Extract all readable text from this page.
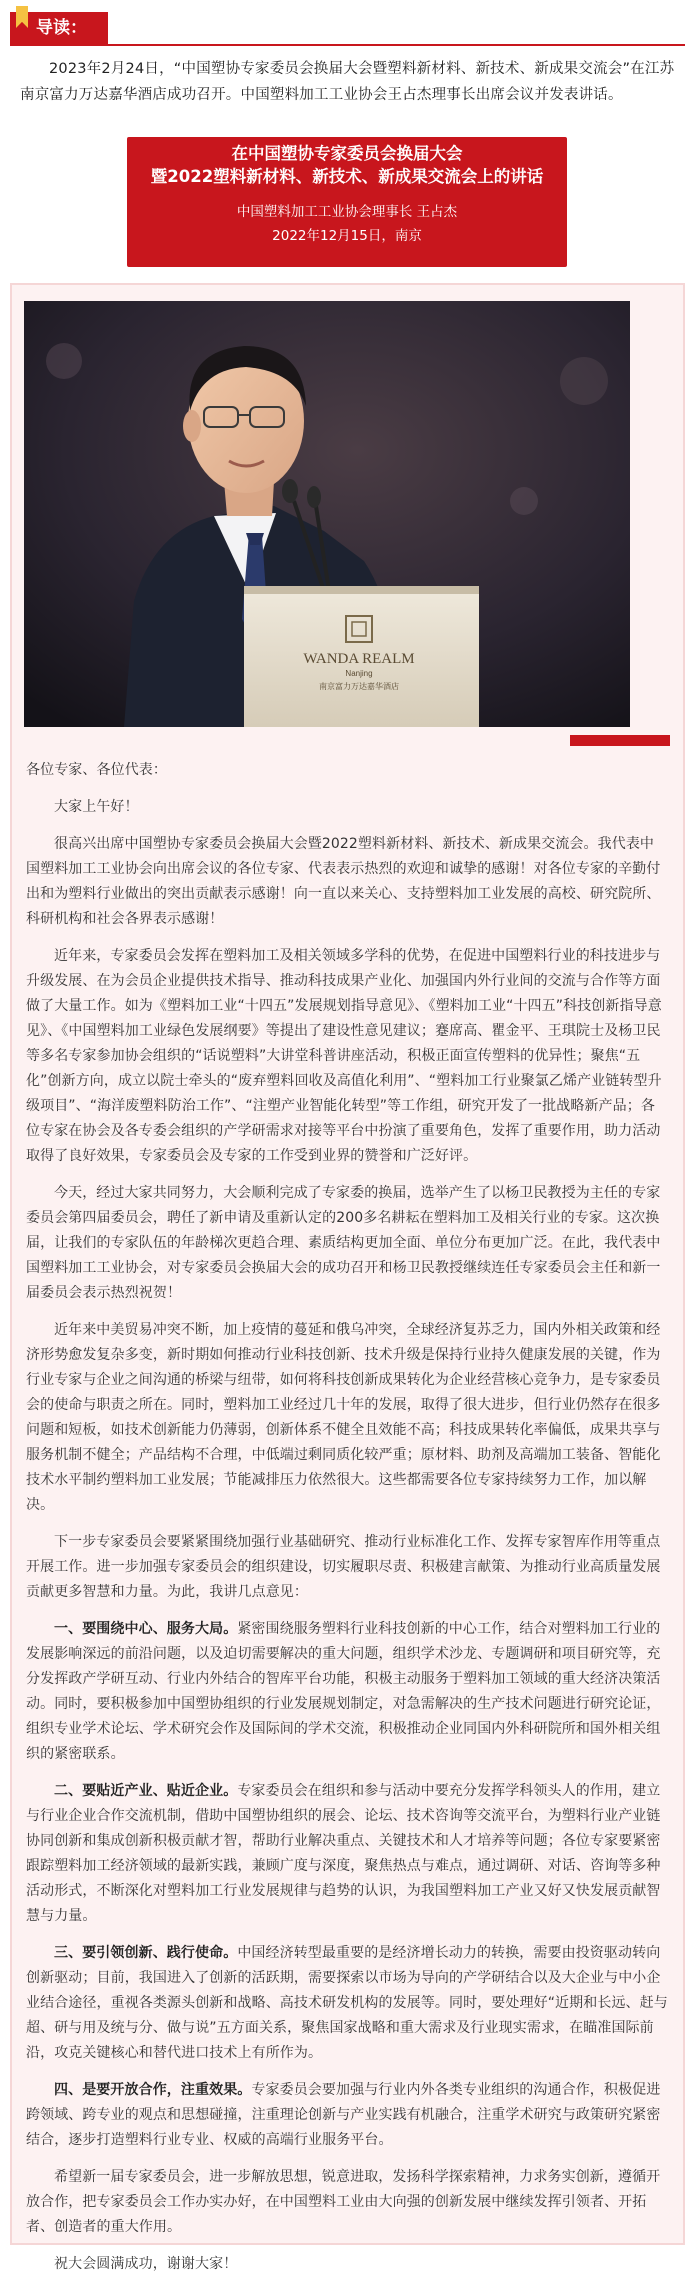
导读：

2023年2月24日，“中国塑协专家委员会换届大会暨塑料新材料、新技术、新成果交流会”在江苏南京富力万达嘉华酒店成功召开。中国塑料加工工业协会王占杰理事长出席会议并发表讲话。

在中国塑协专家委员会换届大会
暨2022塑料新材料、新技术、新成果交流会上的讲话
中国塑料加工工业协会理事长 王占杰
2022年12月15日，南京
WANDA REALM
Nanjing
南京富力万达嘉华酒店

各位专家、各位代表：

大家上午好！

很高兴出席中国塑协专家委员会换届大会暨2022塑料新材料、新技术、新成果交流会。我代表中国塑料加工工业协会向出席会议的各位专家、代表表示热烈的欢迎和诚挚的感谢！对各位专家的辛勤付出和为塑料行业做出的突出贡献表示感谢！向一直以来关心、支持塑料加工业发展的高校、研究院所、科研机构和社会各界表示感谢！

近年来，专家委员会发挥在塑料加工及相关领域多学科的优势，在促进中国塑料行业的科技进步与升级发展、在为会员企业提供技术指导、推动科技成果产业化、加强国内外行业间的交流与合作等方面做了大量工作。如为《塑料加工业“十四五”发展规划指导意见》、《塑料加工业“十四五”科技创新指导意见》、《中国塑料加工业绿色发展纲要》等提出了建设性意见建议；蹇席高、瞿金平、王琪院士及杨卫民等多名专家参加协会组织的“话说塑料”大讲堂科普讲座活动，积极正面宣传塑料的优异性；聚焦“五化”创新方向，成立以院士牵头的“废弃塑料回收及高值化利用”、“塑料加工行业聚氯乙烯产业链转型升级项目”、“海洋废塑料防治工作”、“注塑产业智能化转型”等工作组，研究开发了一批战略新产品；各位专家在协会及各专委会组织的产学研需求对接等平台中扮演了重要角色，发挥了重要作用，助力活动取得了良好效果，专家委员会及专家的工作受到业界的赞誉和广泛好评。

今天，经过大家共同努力，大会顺利完成了专家委的换届，选举产生了以杨卫民教授为主任的专家委员会第四届委员会，聘任了新申请及重新认定的200多名耕耘在塑料加工及相关行业的专家。这次换届，让我们的专家队伍的年龄梯次更趋合理、素质结构更加全面、单位分布更加广泛。在此，我代表中国塑料加工工业协会，对专家委员会换届大会的成功召开和杨卫民教授继续连任专家委员会主任和新一届委员会表示热烈祝贺！

近年来中美贸易冲突不断，加上疫情的蔓延和俄乌冲突，全球经济复苏乏力，国内外相关政策和经济形势愈发复杂多变，新时期如何推动行业科技创新、技术升级是保持行业持久健康发展的关键，作为行业专家与企业之间沟通的桥梁与纽带，如何将科技创新成果转化为企业经营核心竞争力，是专家委员会的使命与职责之所在。同时，塑料加工业经过几十年的发展，取得了很大进步，但行业仍然存在很多问题和短板，如技术创新能力仍薄弱，创新体系不健全且效能不高；科技成果转化率偏低，成果共享与服务机制不健全；产品结构不合理，中低端过剩同质化较严重；原材料、助剂及高端加工装备、智能化技术水平制约塑料加工业发展；节能减排压力依然很大。这些都需要各位专家持续努力工作，加以解决。

下一步专家委员会要紧紧围绕加强行业基础研究、推动行业标准化工作、发挥专家智库作用等重点开展工作。进一步加强专家委员会的组织建设，切实履职尽责、积极建言献策、为推动行业高质量发展贡献更多智慧和力量。为此，我讲几点意见：

一、要围绕中心、服务大局。紧密围绕服务塑料行业科技创新的中心工作，结合对塑料加工行业的发展影响深远的前沿问题，以及迫切需要解决的重大问题，组织学术沙龙、专题调研和项目研究等，充分发挥政产学研互动、行业内外结合的智库平台功能，积极主动服务于塑料加工领域的重大经济决策活动。同时，要积极参加中国塑协组织的行业发展规划制定，对急需解决的生产技术问题进行研究论证，组织专业学术论坛、学术研究会作及国际间的学术交流，积极推动企业同国内外科研院所和国外相关组织的紧密联系。

二、要贴近产业、贴近企业。专家委员会在组织和参与活动中要充分发挥学科领头人的作用，建立与行业企业合作交流机制，借助中国塑协组织的展会、论坛、技术咨询等交流平台，为塑料行业产业链协同创新和集成创新积极贡献才智，帮助行业解决重点、关键技术和人才培养等问题；各位专家要紧密跟踪塑料加工经济领域的最新实践，兼顾广度与深度，聚焦热点与难点，通过调研、对话、咨询等多种活动形式，不断深化对塑料加工行业发展规律与趋势的认识，为我国塑料加工产业又好又快发展贡献智慧与力量。

三、要引领创新、践行使命。中国经济转型最重要的是经济增长动力的转换，需要由投资驱动转向创新驱动；目前，我国进入了创新的活跃期，需要探索以市场为导向的产学研结合以及大企业与中小企业结合途径，重视各类源头创新和战略、高技术研发机构的发展等。同时，要处理好“近期和长远、赶与超、研与用及统与分、做与说”五方面关系，聚焦国家战略和重大需求及行业现实需求，在瞄准国际前沿，攻克关键核心和替代进口技术上有所作为。

四、是要开放合作，注重效果。专家委员会要加强与行业内外各类专业组织的沟通合作，积极促进跨领域、跨专业的观点和思想碰撞，注重理论创新与产业实践有机融合，注重学术研究与政策研究紧密结合，逐步打造塑料行业专业、权威的高端行业服务平台。

希望新一届专家委员会，进一步解放思想，锐意进取，发扬科学探索精神，力求务实创新，遵循开放合作，把专家委员会工作办实办好，在中国塑料工业由大向强的创新发展中继续发挥引领者、开拓者、创造者的重大作用。

祝大会圆满成功，谢谢大家！
